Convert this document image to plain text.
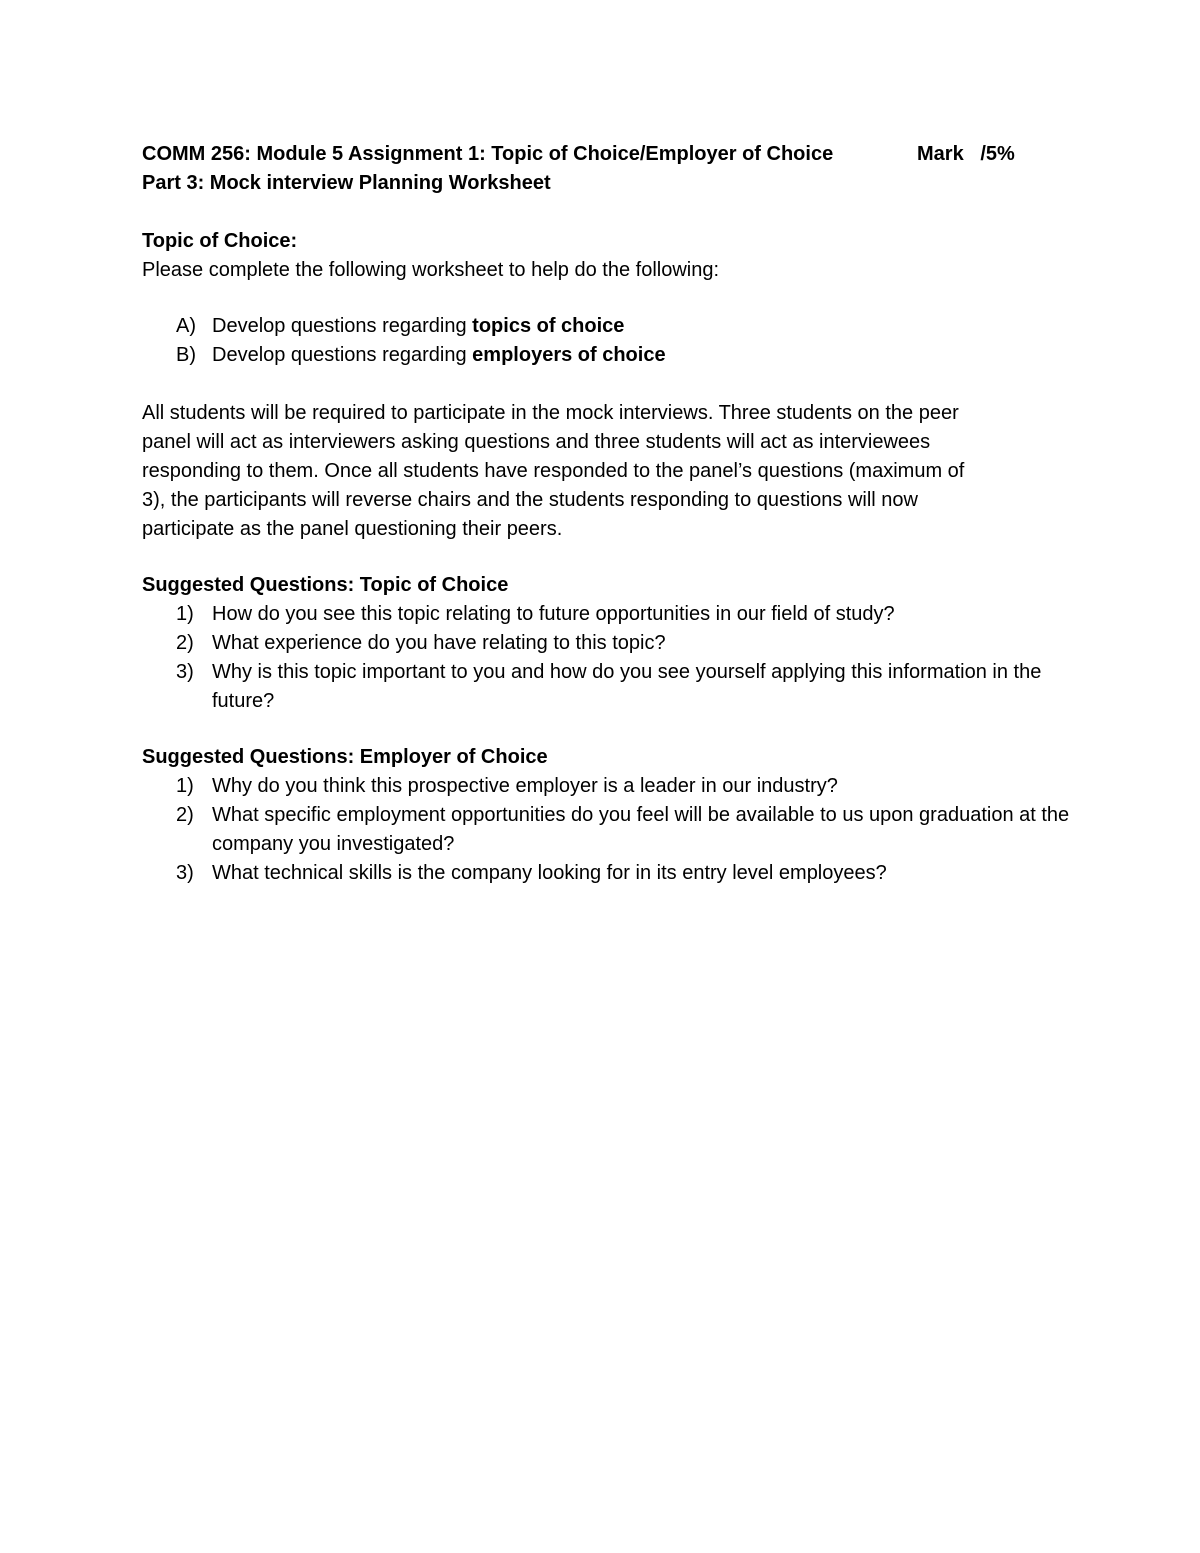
COMM 256: Module 5 Assignment 1: Topic of Choice/Employer of Choice	Mark   /5%
Part 3: Mock interview Planning Worksheet
Topic of Choice:
Please complete the following worksheet to help do the following:
A) Develop questions regarding topics of choice
B) Develop questions regarding employers of choice

All students will be required to participate in the mock interviews. Three students on the peer

panel will act as interviewers asking questions and three students will act as interviewees

responding to them. Once all students have responded to the panel’s questions (maximum of

3), the participants will reverse chairs and the students responding to questions will now

participate as the panel questioning their peers.

Suggested Questions: Topic of Choice
1) How do you see this topic relating to future opportunities in our field of study?
2) What experience do you have relating to this topic?
3) Why is this topic important to you and how do you see yourself applying this information in the future?
Suggested Questions: Employer of Choice
1) Why do you think this prospective employer is a leader in our industry?
2) What specific employment opportunities do you feel will be available to us upon graduation at the company you investigated?
3) What technical skills is the company looking for in its entry level employees?
